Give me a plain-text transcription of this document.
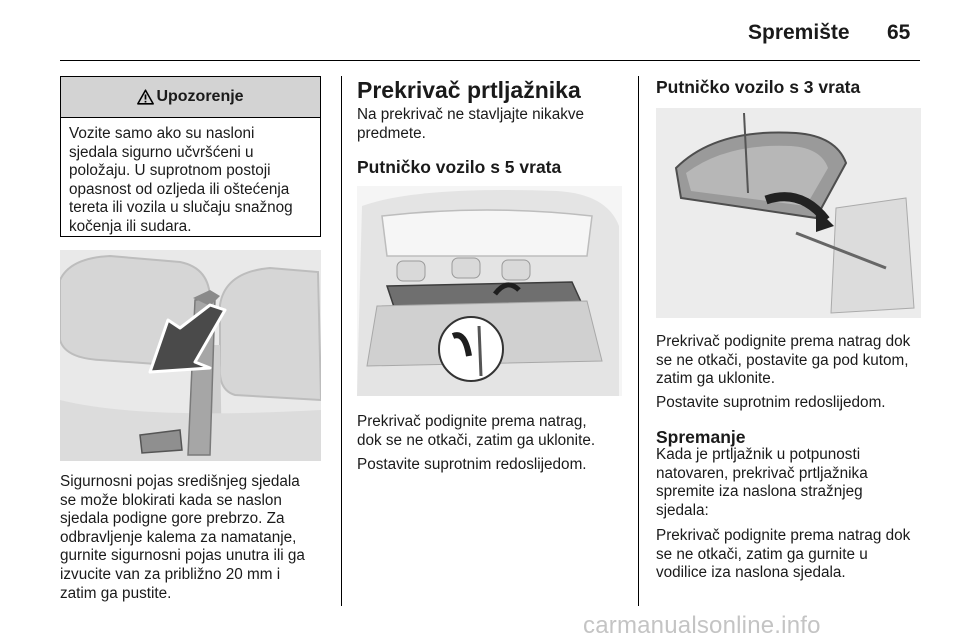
Spremište 65
Upozorenje
Vozite samo ako su nasloni
sjedala sigurno učvršćeni u
položaju. U suprotnom postoji
opasnost od ozljeda ili oštećenja
tereta ili vozila u slučaju snažnog
kočenja ili sudara.
Sigurnosni pojas središnjeg sjedala
se može blokirati kada se naslon
sjedala podigne gore prebrzo. Za
odbravljenje kalema za namatanje,
gurnite sigurnosni pojas unutra ili ga
izvucite van za približno 20 mm i
zatim ga pustite.
Prekrivač prtljažnika
Na prekrivač ne stavljajte nikakve
predmete.
Putničko vozilo s 5 vrata
Prekrivač podignite prema natrag,
dok se ne otkači, zatim ga uklonite.
Postavite suprotnim redoslijedom.
Putničko vozilo s 3 vrata
Prekrivač podignite prema natrag dok
se ne otkači, postavite ga pod kutom,
zatim ga uklonite.
Postavite suprotnim redoslijedom.
Spremanje
Kada je prtljažnik u potpunosti
natovaren, prekrivač prtljažnika
spremite iza naslona stražnjeg
sjedala:
Prekrivač podignite prema natrag dok
se ne otkači, zatim ga gurnite u
vodilice iza naslona sjedala.
carmanualsonline.info
